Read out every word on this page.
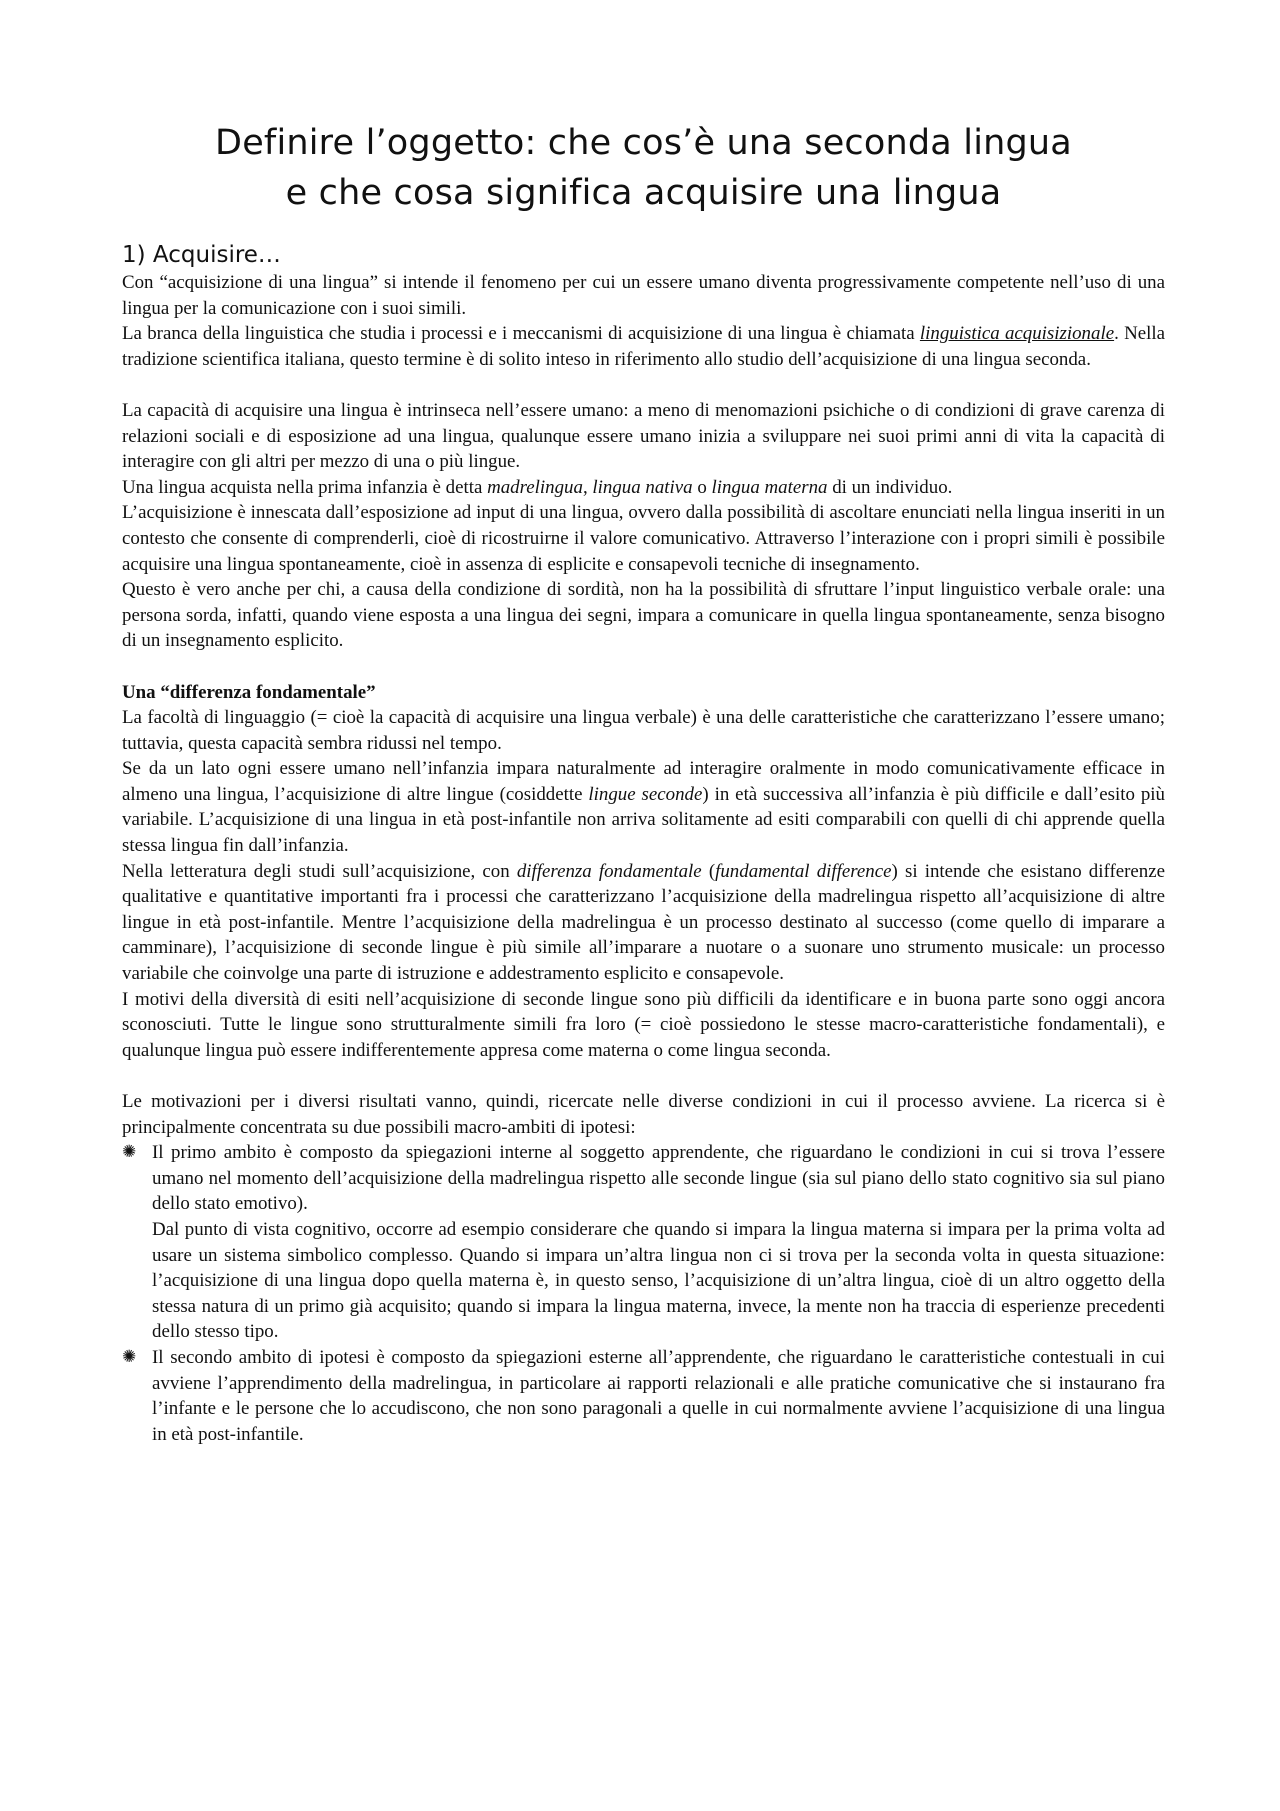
Definire l’oggetto: che cos’è una seconda lingua
e che cosa significa acquisire una lingua
1) Acquisire…

Con “acquisizione di una lingua” si intende il fenomeno per cui un essere umano diventa progressivamente competente nell’uso di una lingua per la comunicazione con i suoi simili.

La branca della linguistica che studia i processi e i meccanismi di acquisizione di una lingua è chiamata linguistica acquisizionale. Nella tradizione scientifica italiana, questo termine è di solito inteso in riferimento allo studio dell’acquisizione di una lingua seconda.

La capacità di acquisire una lingua è intrinseca nell’essere umano: a meno di menomazioni psichiche o di condizioni di grave carenza di relazioni sociali e di esposizione ad una lingua, qualunque essere umano inizia a sviluppare nei suoi primi anni di vita la capacità di interagire con gli altri per mezzo di una o più lingue.

Una lingua acquista nella prima infanzia è detta madrelingua, lingua nativa o lingua materna di un individuo.

L’acquisizione è innescata dall’esposizione ad input di una lingua, ovvero dalla possibilità di ascoltare enunciati nella lingua inseriti in un contesto che consente di comprenderli, cioè di ricostruirne il valore comunicativo. Attraverso l’interazione con i propri simili è possibile acquisire una lingua spontaneamente, cioè in assenza di esplicite e consapevoli tecniche di insegnamento.

Questo è vero anche per chi, a causa della condizione di sordità, non ha la possibilità di sfruttare l’input linguistico verbale orale: una persona sorda, infatti, quando viene esposta a una lingua dei segni, impara a comunicare in quella lingua spontaneamente, senza bisogno di un insegnamento esplicito.

Una “differenza fondamentale”

La facoltà di linguaggio (= cioè la capacità di acquisire una lingua verbale) è una delle caratteristiche che caratterizzano l’essere umano; tuttavia, questa capacità sembra ridussi nel tempo.

Se da un lato ogni essere umano nell’infanzia impara naturalmente ad interagire oralmente in modo comunicativamente efficace in almeno una lingua, l’acquisizione di altre lingue (cosiddette lingue seconde) in età successiva all’infanzia è più difficile e dall’esito più variabile. L’acquisizione di una lingua in età post-infantile non arriva solitamente ad esiti comparabili con quelli di chi apprende quella stessa lingua fin dall’infanzia.

Nella letteratura degli studi sull’acquisizione, con differenza fondamentale (fundamental difference) si intende che esistano differenze qualitative e quantitative importanti fra i processi che caratterizzano l’acquisizione della madrelingua rispetto all’acquisizione di altre lingue in età post-infantile. Mentre l’acquisizione della madrelingua è un processo destinato al successo (come quello di imparare a camminare), l’acquisizione di seconde lingue è più simile all’imparare a nuotare o a suonare uno strumento musicale: un processo variabile che coinvolge una parte di istruzione e addestramento esplicito e consapevole.

I motivi della diversità di esiti nell’acquisizione di seconde lingue sono più difficili da identificare e in buona parte sono oggi ancora sconosciuti. Tutte le lingue sono strutturalmente simili fra loro (= cioè possiedono le stesse macro-caratteristiche fondamentali), e qualunque lingua può essere indifferentemente appresa come materna o come lingua seconda.

Le motivazioni per i diversi risultati vanno, quindi, ricercate nelle diverse condizioni in cui il processo avviene. La ricerca si è principalmente concentrata su due possibili macro-ambiti di ipotesi:

✺ Il primo ambito è composto da spiegazioni interne al soggetto apprendente, che riguardano le condizioni in cui si trova l’essere umano nel momento dell’acquisizione della madrelingua rispetto alle seconde lingue (sia sul piano dello stato cognitivo sia sul piano dello stato emotivo).

Dal punto di vista cognitivo, occorre ad esempio considerare che quando si impara la lingua materna si impara per la prima volta ad usare un sistema simbolico complesso. Quando si impara un’altra lingua non ci si trova per la seconda volta in questa situazione: l’acquisizione di una lingua dopo quella materna è, in questo senso, l’acquisizione di un’altra lingua, cioè di un altro oggetto della stessa natura di un primo già acquisito; quando si impara la lingua materna, invece, la mente non ha traccia di esperienze precedenti dello stesso tipo.

✺ Il secondo ambito di ipotesi è composto da spiegazioni esterne all’apprendente, che riguardano le caratteristiche contestuali in cui avviene l’apprendimento della madrelingua, in particolare ai rapporti relazionali e alle pratiche comunicative che si instaurano fra l’infante e le persone che lo accudiscono, che non sono paragonali a quelle in cui normalmente avviene l’acquisizione di una lingua in età post-infantile.
